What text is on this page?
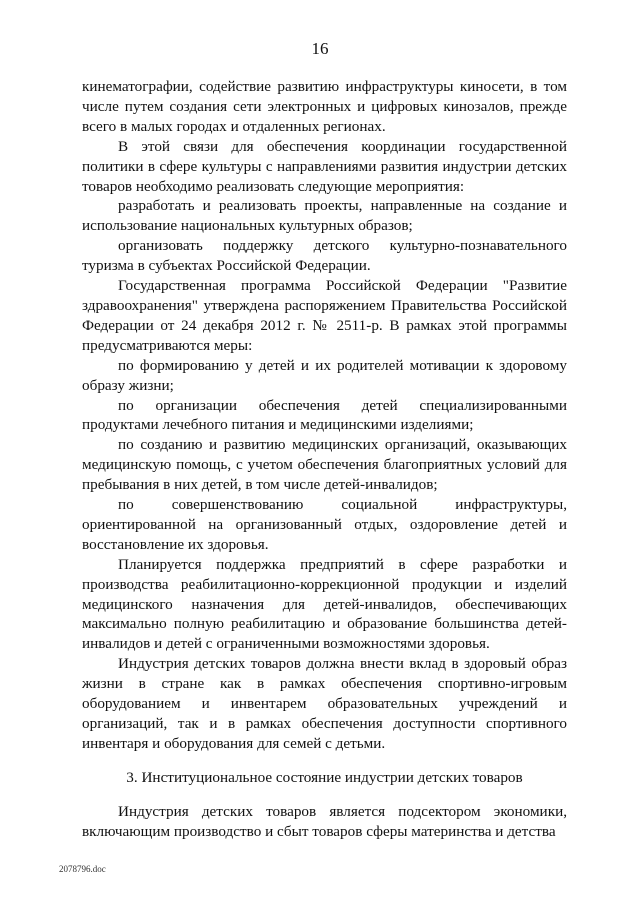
16

кинематографии, содействие развитию инфраструктуры киносети, в том числе путем создания сети электронных и цифровых кинозалов, прежде всего в малых городах и отдаленных регионах.

В этой связи для обеспечения координации государственной политики в сфере культуры с направлениями развития индустрии детских товаров необходимо реализовать следующие мероприятия:

разработать и реализовать проекты, направленные на создание и использование национальных культурных образов;

организовать поддержку детского культурно-познавательного туризма в субъектах Российской Федерации.

Государственная программа Российской Федерации "Развитие здравоохранения" утверждена распоряжением Правительства Российской Федерации от 24 декабря 2012 г. № 2511-р. В рамках этой программы предусматриваются меры:

по формированию у детей и их родителей мотивации к здоровому образу жизни;

по организации обеспечения детей специализированными продуктами лечебного питания и медицинскими изделиями;

по созданию и развитию медицинских организаций, оказывающих медицинскую помощь, с учетом обеспечения благоприятных условий для пребывания в них детей, в том числе детей-инвалидов;

по совершенствованию социальной инфраструктуры, ориентированной на организованный отдых, оздоровление детей и восстановление их здоровья.

Планируется поддержка предприятий в сфере разработки и производства реабилитационно-коррекционной продукции и изделий медицинского назначения для детей-инвалидов, обеспечивающих максимально полную реабилитацию и образование большинства детей-инвалидов и детей с ограниченными возможностями здоровья.

Индустрия детских товаров должна внести вклад в здоровый образ жизни в стране как в рамках обеспечения спортивно-игровым оборудованием и инвентарем образовательных учреждений и организаций, так и в рамках обеспечения доступности спортивного инвентаря и оборудования для семей с детьми.

3. Институциональное состояние индустрии детских товаров

Индустрия детских товаров является подсектором экономики, включающим производство и сбыт товаров сферы материнства и детства

2078796.doc
